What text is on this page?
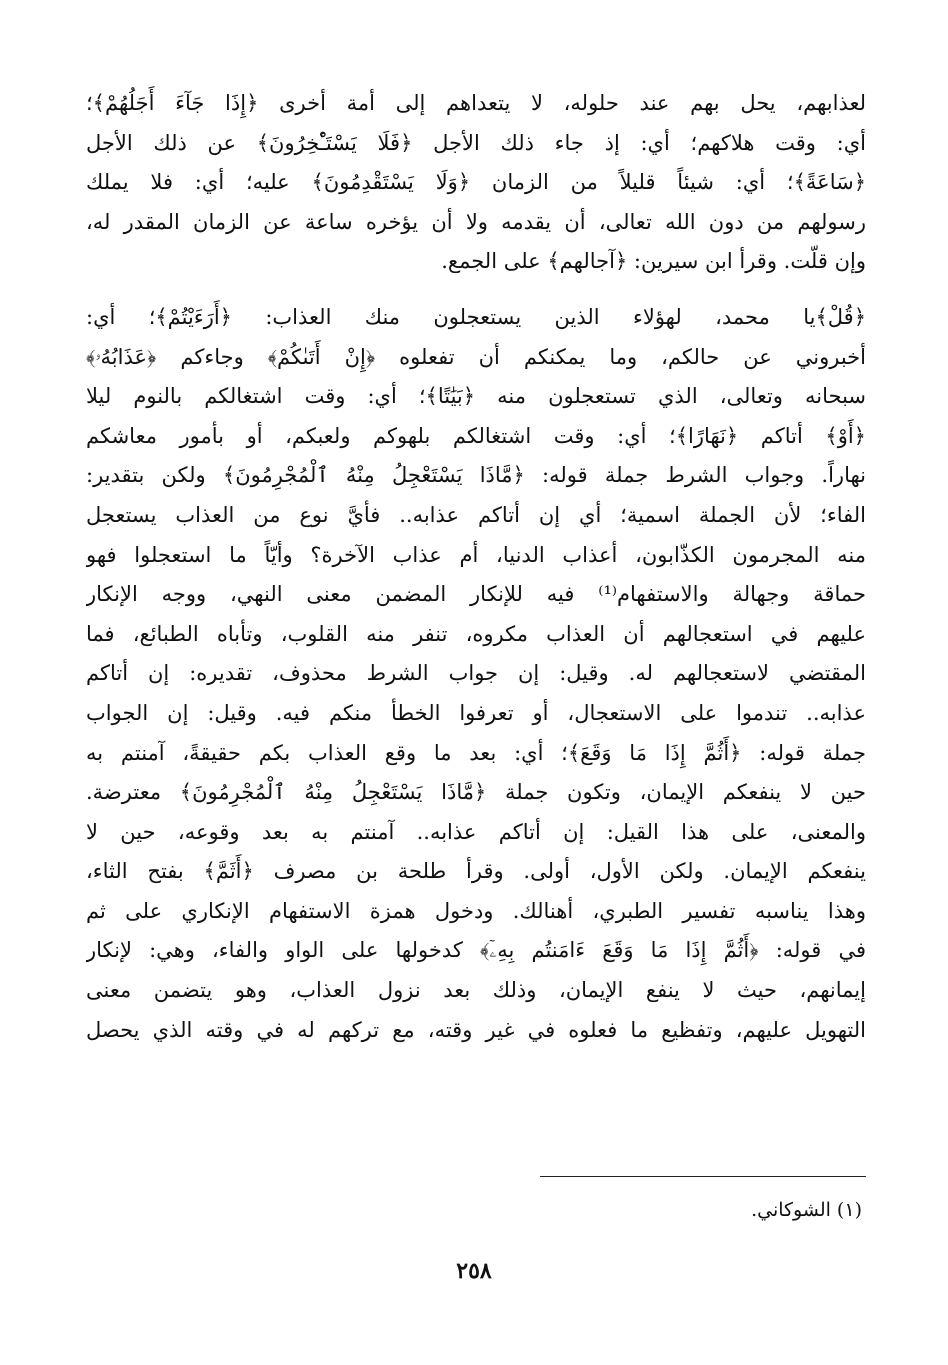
لعذابهم، يحل بهم عند حلوله، لا يتعداهم إلى أمة أخرى ﴿إِذَا جَآءَ أَجَلُهُمْ﴾؛
أي: وقت هلاكهم؛ أي: إذ جاء ذلك الأجل ﴿فَلَا يَسْتَـْٔخِرُونَ﴾ عن ذلك الأجل
﴿سَاعَةً﴾؛ أي: شيئاً قليلاً من الزمان ﴿وَلَا يَسْتَقْدِمُونَ﴾ عليه؛ أي: فلا يملك
رسولهم من دون الله تعالى، أن يقدمه ولا أن يؤخره ساعة عن الزمان المقدر له،
وإن قلّت. وقرأ ابن سيرين: ﴿آجالهم﴾ على الجمع.
﴿قُلْ﴾يا محمد، لهؤلاء الذين يستعجلون منك العذاب: ﴿أَرَءَيْتُمْ﴾؛ أي:
أخبروني عن حالكم، وما يمكنكم أن تفعلوه ﴿إِنْ أَتَىٰكُمْ﴾ وجاءكم ﴿عَذَابُهُۥ﴾
سبحانه وتعالى، الذي تستعجلون منه ﴿بَيَٰتًا﴾؛ أي: وقت اشتغالكم بالنوم ليلا
﴿أَوْ﴾ أتاكم ﴿نَهَارًا﴾؛ أي: وقت اشتغالكم بلهوكم ولعبكم، أو بأمور معاشكم
نهاراً. وجواب الشرط جملة قوله: ﴿مَّاذَا يَسْتَعْجِلُ مِنْهُ ٱلْمُجْرِمُونَ﴾ ولكن بتقدير:
الفاء؛ لأن الجملة اسمية؛ أي إن أتاكم عذابه.. فأيَّ نوع من العذاب يستعجل
منه المجرمون الكذّابون، أعذاب الدنيا، أم عذاب الآخرة؟ وأيّاً ما استعجلوا فهو
حماقة وجهالة والاستفهام⁽¹⁾ فيه للإنكار المضمن معنى النهي، ووجه الإنكار
عليهم في استعجالهم أن العذاب مكروه، تنفر منه القلوب، وتأباه الطبائع، فما
المقتضي لاستعجالهم له. وقيل: إن جواب الشرط محذوف، تقديره: إن أتاكم
عذابه.. تندموا على الاستعجال، أو تعرفوا الخطأ منكم فيه. وقيل: إن الجواب
جملة قوله: ﴿أَثُمَّ إِذَا مَا وَقَعَ﴾؛ أي: بعد ما وقع العذاب بكم حقيقةً، آمنتم به
حين لا ينفعكم الإيمان، وتكون جملة ﴿مَّاذَا يَسْتَعْجِلُ مِنْهُ ٱلْمُجْرِمُونَ﴾ معترضة.
والمعنى، على هذا القيل: إن أتاكم عذابه.. آمنتم به بعد وقوعه، حين لا
ينفعكم الإيمان. ولكن الأول، أولى. وقرأ طلحة بن مصرف ﴿أَثَمَّ﴾ بفتح الثاء،
وهذا يناسبه تفسير الطبري، أهنالك. ودخول همزة الاستفهام الإنكاري على ثم
في قوله: ﴿أَثُمَّ إِذَا مَا وَقَعَ ءَامَنتُم بِهِۦٓ﴾ كدخولها على الواو والفاء، وهي: لإنكار
إيمانهم، حيث لا ينفع الإيمان، وذلك بعد نزول العذاب، وهو يتضمن معنى
التهويل عليهم، وتفظيع ما فعلوه في غير وقته، مع تركهم له في وقته الذي يحصل
(١) الشوكاني.
٢٥٨
